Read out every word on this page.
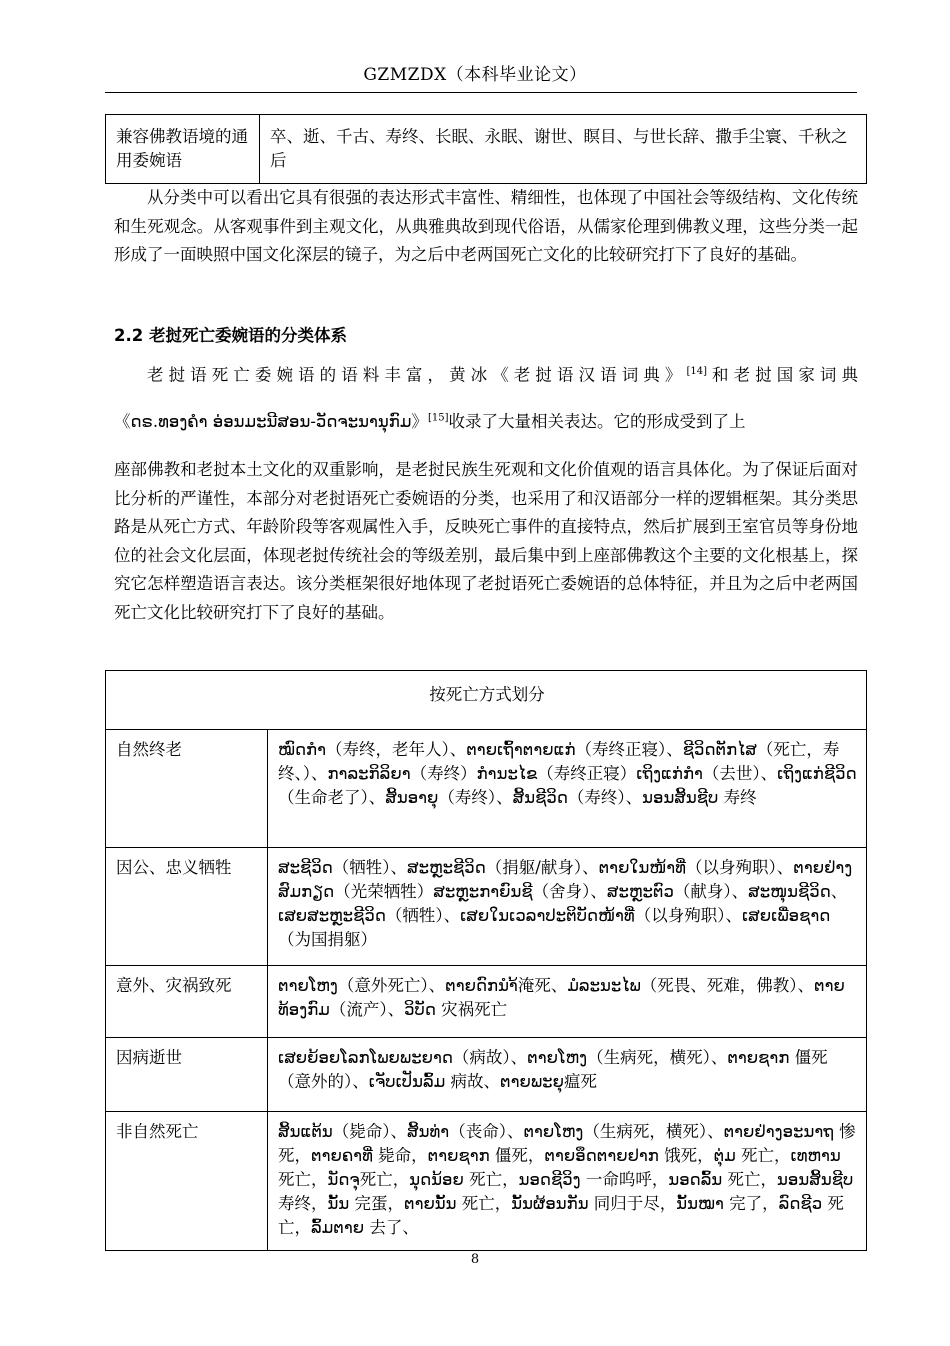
GZMZDX（本科毕业论文）
兼容佛教语境的通用委婉语	卒、逝、千古、寿终、长眠、永眠、谢世、瞑目、与世长辞、撒手尘寰、千秋之后
从分类中可以看出它具有很强的表达形式丰富性、精细性，也体现了中国社会等级结构、文化传统和生死观念。从客观事件到主观文化，从典雅典故到现代俗语，从儒家伦理到佛教义理，这些分类一起形成了一面映照中国文化深层的镜子，为之后中老两国死亡文化的比较研究打下了良好的基础。
2.2 老挝死亡委婉语的分类体系
老挝语死亡委婉语的语料丰富，黄冰《老挝语汉语词典》[14]和老挝国家词典
《ດຣ.ທອງຄຳ ອ່ອນມະນີສອນ-ວັດຈະນານຸກົມ》[15]收录了大量相关表达。它的形成受到了上
座部佛教和老挝本土文化的双重影响，是老挝民族生死观和文化价值观的语言具体化。为了保证后面对比分析的严谨性，本部分对老挝语死亡委婉语的分类，也采用了和汉语部分一样的逻辑框架。其分类思路是从死亡方式、年龄阶段等客观属性入手，反映死亡事件的直接特点，然后扩展到王室官员等身份地位的社会文化层面，体现老挝传统社会的等级差别，最后集中到上座部佛教这个主要的文化根基上，探究它怎样塑造语言表达。该分类框架很好地体现了老挝语死亡委婉语的总体特征，并且为之后中老两国死亡文化比较研究打下了良好的基础。
按死亡方式划分	
自然终老	ໝົດກຳ（寿终，老年人）、ຕາຍເຖົ້າຕາຍແກ່（寿终正寝）、ຊີວິດຕັກໄສ（死亡，寿终、）、ກາລະກິລິຍາ（寿终）ກຳນະໄຂ（寿终正寝）ເຖິງແກ່ກຳ（去世）、ເຖິງແກ່ຊີວິດ（生命老了）、ສິ້ນອາຍຸ（寿终）、ສິ້ນຊີວິດ（寿终）、ນອນສິ້ນຊີບ 寿终
因公、忠义牺牲	ສະຊີວິດ（牺牲）、ສະຫຼະຊີວິດ（捐躯/献身）、ຕາຍໃນໜ້າທີ່（以身殉职）、ຕາຍຢ່າງສົມກຽດ（光荣牺牲）ສະຫຼະກາຍົນຊີ（舍身）、ສະຫຼະຕົວ（献身）、ສະໜຸນຊີວິດ、ເສຍສະຫຼະຊີວິດ（牺牲）、ເສຍໃນເວລາປະຕິບັດໜ້າທີ່（以身殉职）、ເສຍເພື່ອຊາດ（为国捐躯）
意外、灾祸致死	ຕາຍໂຫງ（意外死亡）、ຕາຍດົກນຳ້淹死、ມໍລະນະໄພ（死畏、死难，佛教）、ຕາຍທ້ອງກົມ（流产）、ວິບັດ 灾祸死亡
因病逝世	ເສຍຍ້ອຍໂລກໂພຍພະຍາດ（病故）、ຕາຍໂຫງ（生病死，横死）、ຕາຍຊາກ 僵死（意外的）、ເຈັບເປັນລົ້ມ 病故、ຕາຍພະຍຸ瘟死
非自然死亡	ສິ້ນແຕ້ນ（毙命）、ສິ້ນທ່າ（丧命）、ຕາຍໂຫງ（生病死，横死）、ຕາຍຢ່າງອະນາຖ 惨死，ຕາຍຄາທີ່ 毙命，ຕາຍຊາກ 僵死，ຕາຍອຶດຕາຍຢາກ 饿死，ຕຸ່ມ 死亡，ເທຫານ 死亡，ນັດຈຸ死亡，ນຸດນ້ອຍ 死亡，ນອດຊີວິງ 一命呜呼，ນອດລົ້ນ 死亡，ນອນສິ້ນຊີບ 寿终，ນັ້ນ 完蛋，ຕາຍນັ້ນ 死亡，ນັ້ນຜ້ອນກັນ 同归于尽，ນັ້ນໝາ 完了，ລົດຊີວ 死亡，ລົ້ມຕາຍ 去了、
8
